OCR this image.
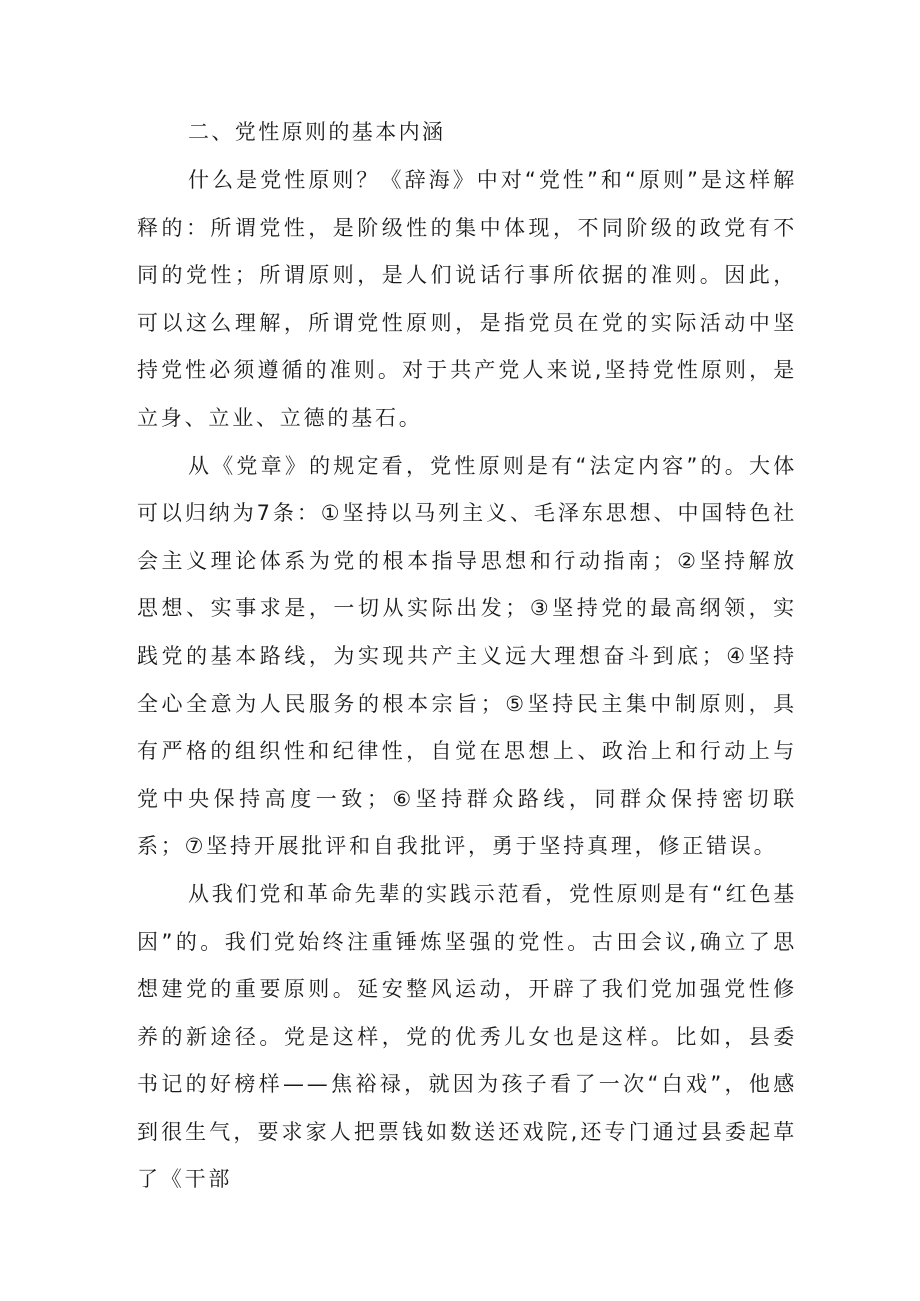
二、党性原则的基本内涵

什么是党性原则？《辞海》中对“党性”和“原则”是这样解释的：所谓党性，是阶级性的集中体现，不同阶级的政党有不同的党性；所谓原则，是人们说话行事所依据的准则。因此，可以这么理解，所谓党性原则，是指党员在党的实际活动中坚持党性必须遵循的准则。对于共产党人来说,坚持党性原则，是立身、立业、立德的基石。

从《党章》的规定看，党性原则是有“法定内容”的。大体可以归纳为7条：①坚持以马列主义、毛泽东思想、中国特色社会主义理论体系为党的根本指导思想和行动指南；②坚持解放思想、实事求是，一切从实际出发；③坚持党的最高纲领，实践党的基本路线，为实现共产主义远大理想奋斗到底；④坚持全心全意为人民服务的根本宗旨；⑤坚持民主集中制原则，具有严格的组织性和纪律性，自觉在思想上、政治上和行动上与党中央保持高度一致；⑥坚持群众路线，同群众保持密切联系；⑦坚持开展批评和自我批评，勇于坚持真理，修正错误。

从我们党和革命先辈的实践示范看，党性原则是有“红色基因”的。我们党始终注重锤炼坚强的党性。古田会议,确立了思想建党的重要原则。延安整风运动，开辟了我们党加强党性修养的新途径。党是这样，党的优秀儿女也是这样。比如，县委书记的好榜样——焦裕禄，就因为孩子看了一次“白戏”，他感到很生气，要求家人把票钱如数送还戏院,还专门通过县委起草了《干部
